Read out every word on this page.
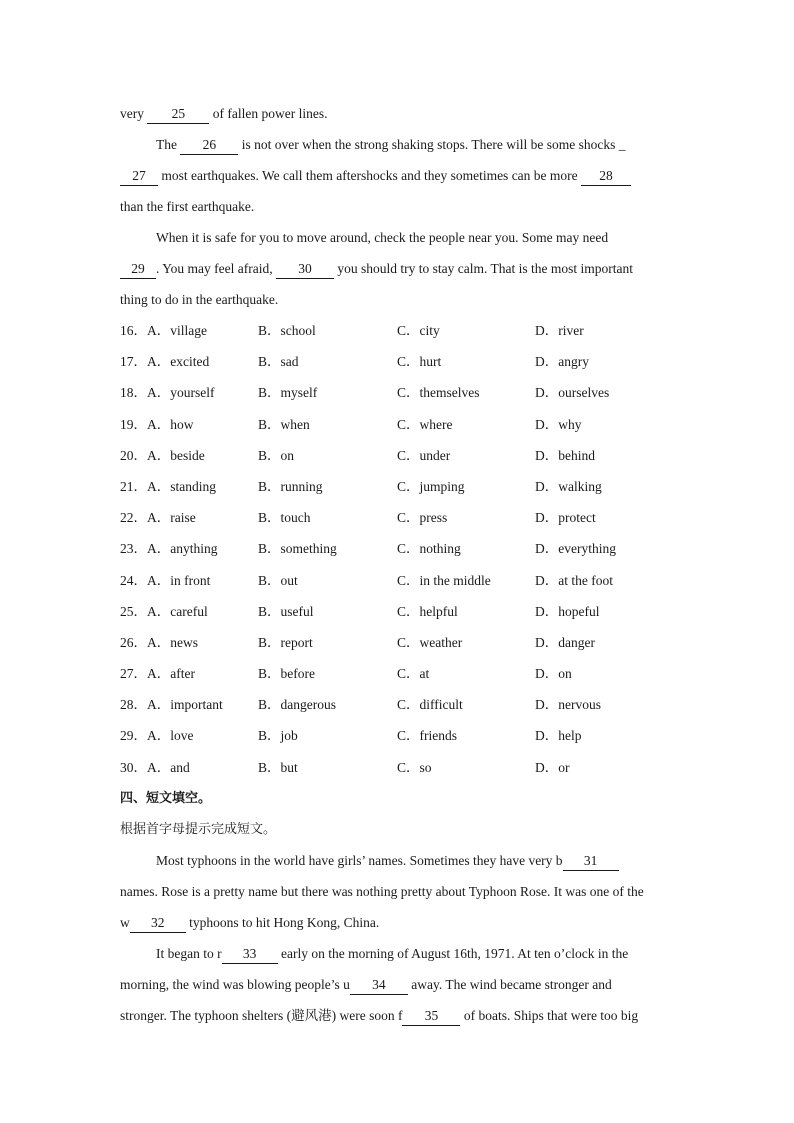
very 25 of fallen power lines.
The 26 is not over when the strong shaking stops. There will be some shocks _
27 most earthquakes. We call them aftershocks and they sometimes can be more 28
than the first earthquake.
When it is safe for you to move around, check the people near you. Some may need
29 . You may feel afraid, 30 you should try to stay calm. That is the most important
thing to do in the earthquake.
16．A．village	B．school	C．city	D．river
17．A．excited	B．sad	C．hurt	D．angry
18．A．yourself	B．myself	C．themselves	D．ourselves
19．A．how	B．when	C．where	D．why
20．A．beside	B．on	C．under	D．behind
21．A．standing	B．running	C．jumping	D．walking
22．A．raise	B．touch	C．press	D．protect
23．A．anything	B．something	C．nothing	D．everything
24．A．in front	B．out	C．in the middle	D．at the foot
25．A．careful	B．useful	C．helpful	D．hopeful
26．A．news	B．report	C．weather	D．danger
27．A．after	B．before	C．at	D．on
28．A．important	B．dangerous	C．difficult	D．nervous
29．A．love	B．job	C．friends	D．help
30．A．and	B．but	C．so	D．or
四、短文填空。
根据首字母提示完成短文。
Most typhoons in the world have girls’ names. Sometimes they have very b 31
names. Rose is a pretty name but there was nothing pretty about Typhoon Rose. It was one of the
w 32 typhoons to hit Hong Kong, China.
It began to r 33 early on the morning of August 16th, 1971. At ten o’clock in the
morning, the wind was blowing people’s u 34 away. The wind became stronger and
stronger. The typhoon shelters (避风港) were soon f 35 of boats. Ships that were too big
